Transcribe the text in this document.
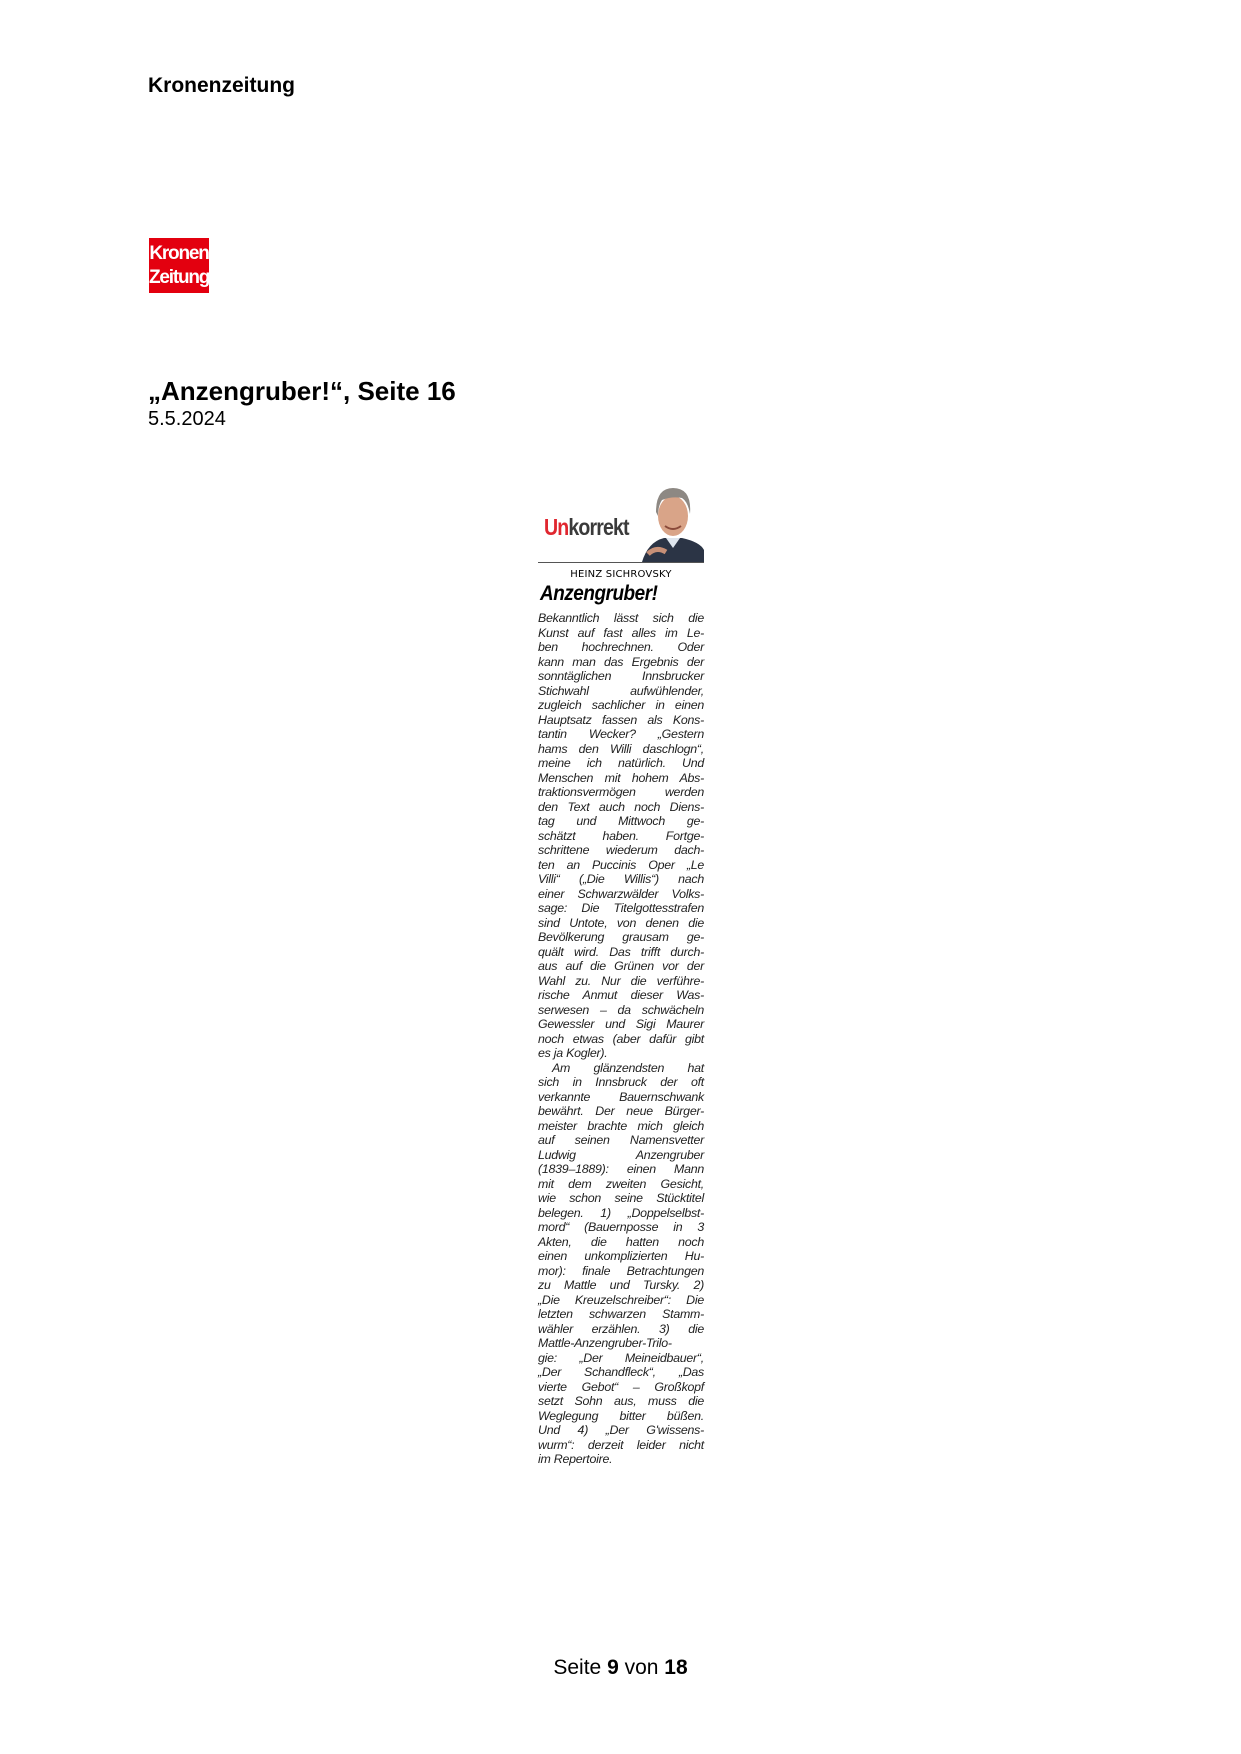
Kronenzeitung
Kronen
Zeitung
„Anzengruber!“, Seite 16
5.5.2024
Unkorrekt
HEINZ SICHROVSKY
Anzengruber!
Bekanntlich lässt sich die
Kunst auf fast alles im Le-
ben hochrechnen. Oder
kann man das Ergebnis der
sonntäglichen Innsbrucker
Stichwahl aufwühlender,
zugleich sachlicher in einen
Hauptsatz fassen als Kons-
tantin Wecker? „Gestern
hams den Willi daschlogn“,
meine ich natürlich. Und
Menschen mit hohem Abs-
traktionsvermögen werden
den Text auch noch Diens-
tag und Mittwoch ge-
schätzt haben. Fortge-
schrittene wiederum dach-
ten an Puccinis Oper „Le
Villi“ („Die Willis“) nach
einer Schwarzwälder Volks-
sage: Die Titelgottesstrafen
sind Untote, von denen die
Bevölkerung grausam ge-
quält wird. Das trifft durch-
aus auf die Grünen vor der
Wahl zu. Nur die verführe-
rische Anmut dieser Was-
serwesen – da schwächeln
Gewessler und Sigi Maurer
noch etwas (aber dafür gibt
es ja Kogler).
Am glänzendsten hat
sich in Innsbruck der oft
verkannte Bauernschwank
bewährt. Der neue Bürger-
meister brachte mich gleich
auf seinen Namensvetter
Ludwig Anzengruber
(1839–1889): einen Mann
mit dem zweiten Gesicht,
wie schon seine Stücktitel
belegen. 1) „Doppelselbst-
mord“ (Bauernposse in 3
Akten, die hatten noch
einen unkomplizierten Hu-
mor): finale Betrachtungen
zu Mattle und Tursky. 2)
„Die Kreuzelschreiber“: Die
letzten schwarzen Stamm-
wähler erzählen. 3) die
Mattle-Anzengruber-Trilo-
gie: „Der Meineidbauer“,
„Der Schandfleck“, „Das
vierte Gebot“ – Großkopf
setzt Sohn aus, muss die
Weglegung bitter büßen.
Und 4) „Der G'wissens-
wurm“: derzeit leider nicht
im Repertoire.
Seite 9 von 18
